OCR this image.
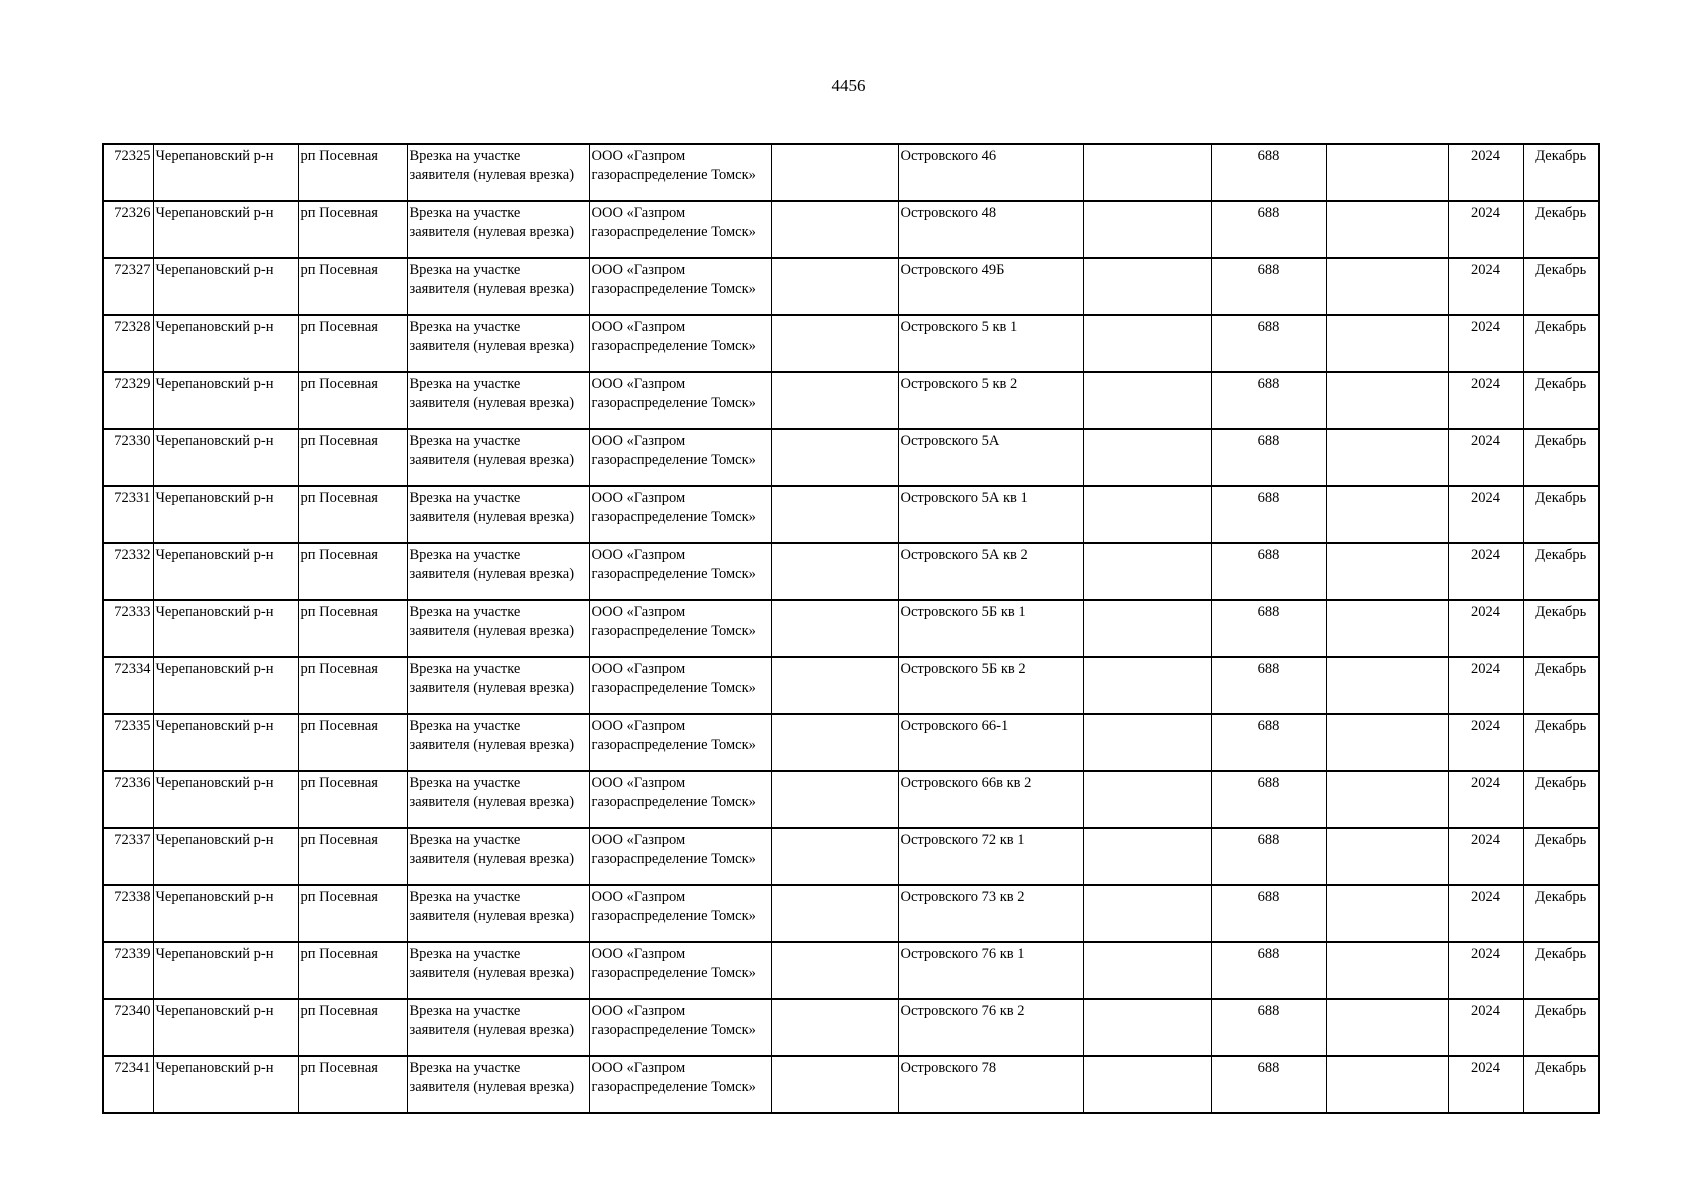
4456
72325	Черепановский р-н	рп Посевная	Врезка на участке
заявителя (нулевая врезка)	ООО «Газпром
газораспределение Томск»		Островского 46		688		2024	Декабрь
72326	Черепановский р-н	рп Посевная	Врезка на участке
заявителя (нулевая врезка)	ООО «Газпром
газораспределение Томск»		Островского 48		688		2024	Декабрь
72327	Черепановский р-н	рп Посевная	Врезка на участке
заявителя (нулевая врезка)	ООО «Газпром
газораспределение Томск»		Островского 49Б		688		2024	Декабрь
72328	Черепановский р-н	рп Посевная	Врезка на участке
заявителя (нулевая врезка)	ООО «Газпром
газораспределение Томск»		Островского 5 кв 1		688		2024	Декабрь
72329	Черепановский р-н	рп Посевная	Врезка на участке
заявителя (нулевая врезка)	ООО «Газпром
газораспределение Томск»		Островского 5 кв 2		688		2024	Декабрь
72330	Черепановский р-н	рп Посевная	Врезка на участке
заявителя (нулевая врезка)	ООО «Газпром
газораспределение Томск»		Островского 5А		688		2024	Декабрь
72331	Черепановский р-н	рп Посевная	Врезка на участке
заявителя (нулевая врезка)	ООО «Газпром
газораспределение Томск»		Островского 5А кв 1		688		2024	Декабрь
72332	Черепановский р-н	рп Посевная	Врезка на участке
заявителя (нулевая врезка)	ООО «Газпром
газораспределение Томск»		Островского 5А кв 2		688		2024	Декабрь
72333	Черепановский р-н	рп Посевная	Врезка на участке
заявителя (нулевая врезка)	ООО «Газпром
газораспределение Томск»		Островского 5Б кв 1		688		2024	Декабрь
72334	Черепановский р-н	рп Посевная	Врезка на участке
заявителя (нулевая врезка)	ООО «Газпром
газораспределение Томск»		Островского 5Б кв 2		688		2024	Декабрь
72335	Черепановский р-н	рп Посевная	Врезка на участке
заявителя (нулевая врезка)	ООО «Газпром
газораспределение Томск»		Островского 66-1		688		2024	Декабрь
72336	Черепановский р-н	рп Посевная	Врезка на участке
заявителя (нулевая врезка)	ООО «Газпром
газораспределение Томск»		Островского 66в кв 2		688		2024	Декабрь
72337	Черепановский р-н	рп Посевная	Врезка на участке
заявителя (нулевая врезка)	ООО «Газпром
газораспределение Томск»		Островского 72 кв 1		688		2024	Декабрь
72338	Черепановский р-н	рп Посевная	Врезка на участке
заявителя (нулевая врезка)	ООО «Газпром
газораспределение Томск»		Островского 73 кв 2		688		2024	Декабрь
72339	Черепановский р-н	рп Посевная	Врезка на участке
заявителя (нулевая врезка)	ООО «Газпром
газораспределение Томск»		Островского 76 кв 1		688		2024	Декабрь
72340	Черепановский р-н	рп Посевная	Врезка на участке
заявителя (нулевая врезка)	ООО «Газпром
газораспределение Томск»		Островского 76 кв 2		688		2024	Декабрь
72341	Черепановский р-н	рп Посевная	Врезка на участке
заявителя (нулевая врезка)	ООО «Газпром
газораспределение Томск»		Островского 78		688		2024	Декабрь
